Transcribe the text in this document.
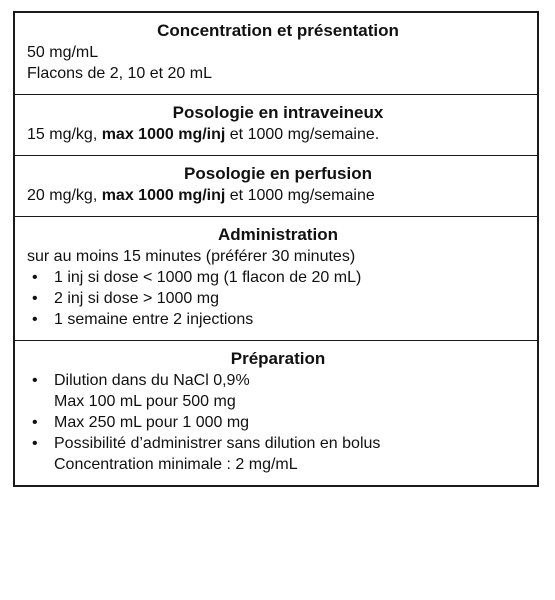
Concentration et présentation
50 mg/mL
Flacons de 2, 10 et 20 mL
Posologie en intraveineux
15 mg/kg, max 1000 mg/inj et 1000 mg/semaine.
Posologie en perfusion
20 mg/kg, max 1000 mg/inj et 1000 mg/semaine
Administration
sur au moins 15 minutes (préférer 30 minutes)
• 1 inj si dose < 1000 mg (1 flacon de 20 mL)
• 2 inj si dose > 1000 mg
• 1 semaine entre 2 injections
Préparation
• Dilution dans du NaCl 0,9%
Max 100 mL pour 500 mg
• Max 250 mL pour 1 000 mg
• Possibilité d’administrer sans dilution en bolus
Concentration minimale : 2 mg/mL
